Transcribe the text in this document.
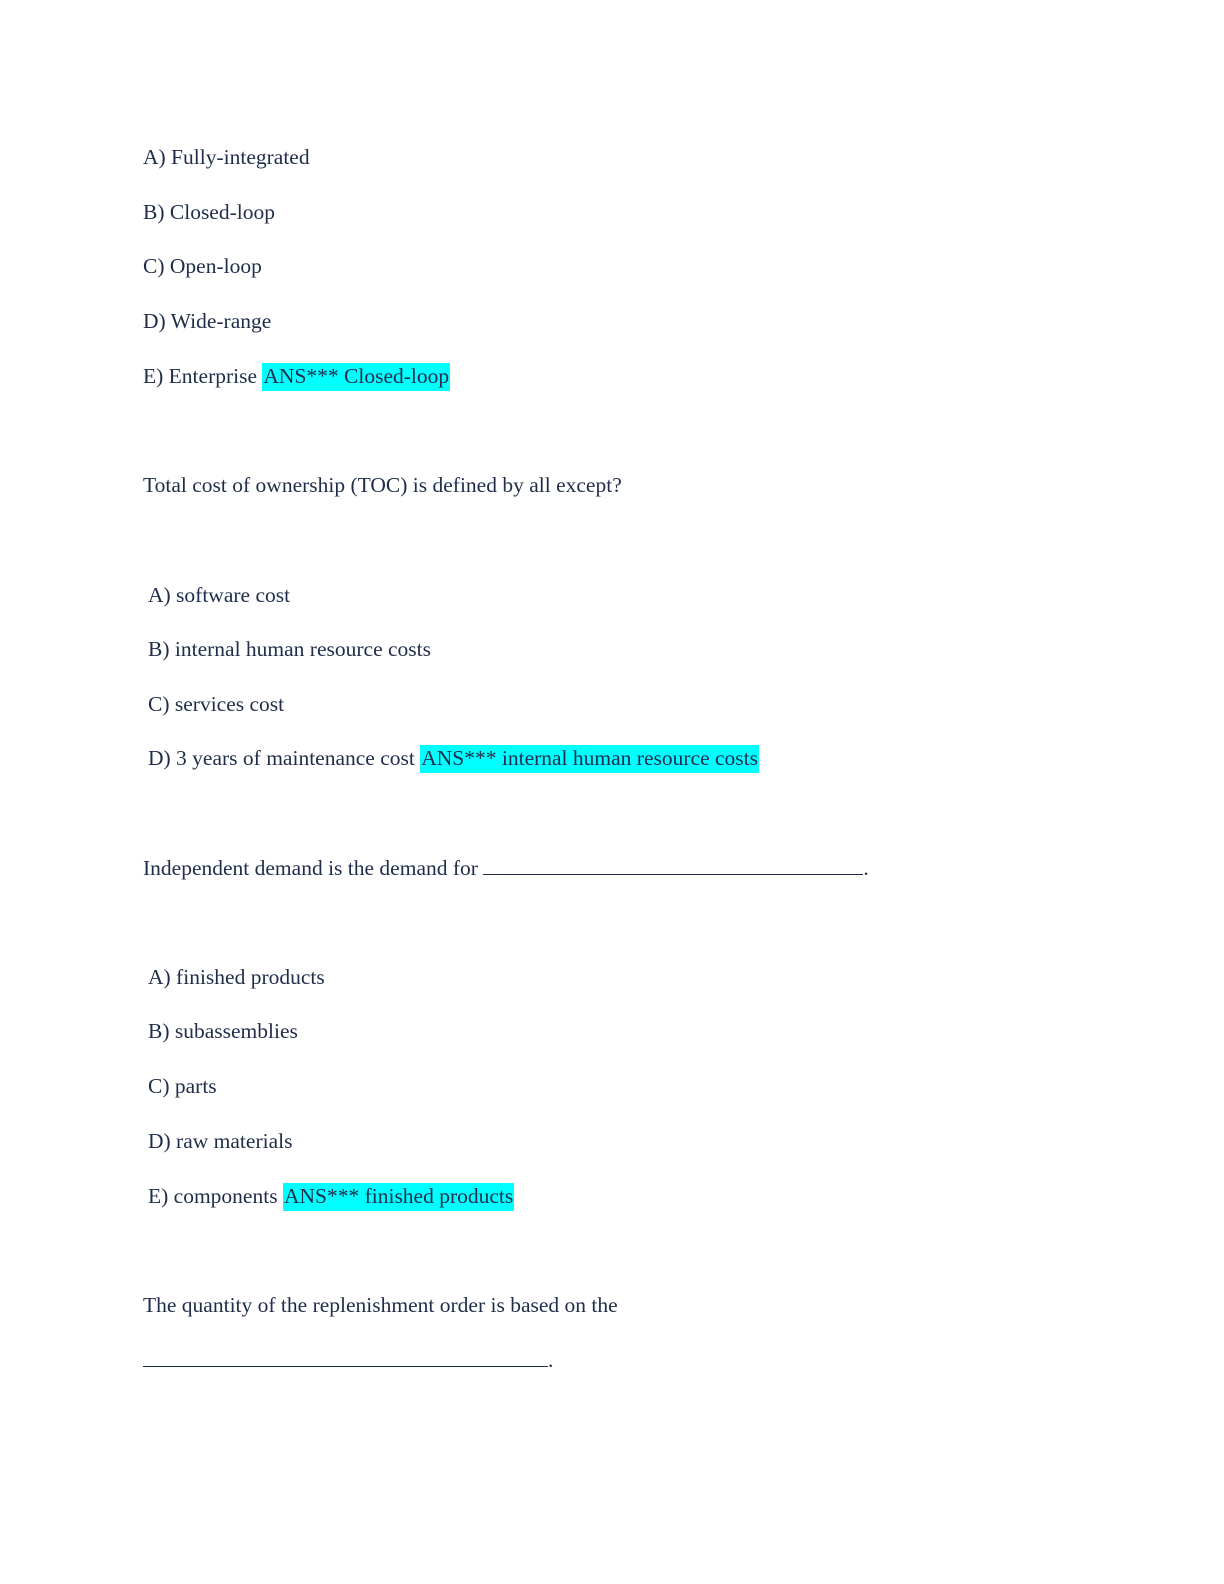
A) Fully-integrated
B) Closed-loop
C) Open-loop
D) Wide-range
E) Enterprise ANS*** Closed-loop
Total cost of ownership (TOC) is defined by all except?
A) software cost
B) internal human resource costs
C) services cost
D) 3 years of maintenance cost ANS*** internal human resource costs
Independent demand is the demand for	.
A) finished products
B) subassemblies
C) parts
D) raw materials
E) components ANS*** finished products
The quantity of the replenishment order is based on the
.
